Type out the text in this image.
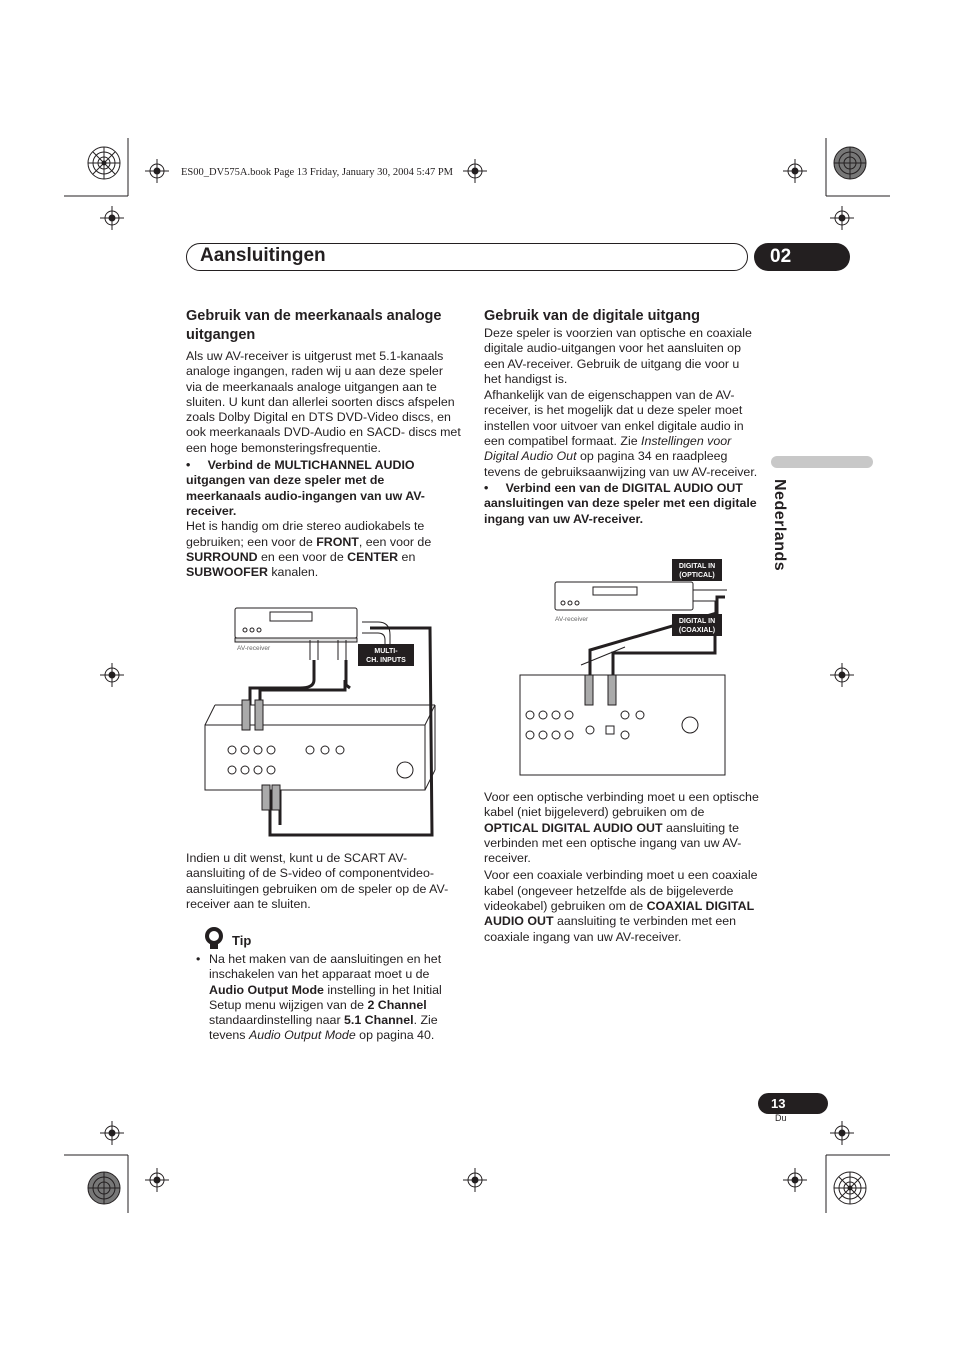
ES00_DV575A.book Page 13 Friday, January 30, 2004 5:47 PM
Aansluitingen	02
Nederlands
Gebruik van de meerkanaals analoge uitgangen

Als uw AV-receiver is uitgerust met 5.1-kanaals analoge ingangen, raden wij u aan deze speler via de meerkanaals analoge uitgangen aan te sluiten. U kunt dan allerlei soorten discs afspelen zoals Dolby Digital en DTS DVD-Video discs, en ook meerkanaals DVD-Audio en SACD- discs met een hoge bemonsteringsfrequentie.

• Verbind de MULTICHANNEL AUDIO uitgangen van deze speler met de meerkanaals audio-ingangen van uw AV-receiver.

Het is handig om drie stereo audiokabels te gebruiken; een voor de FRONT, een voor de SURROUND en een voor de CENTER en SUBWOOFER kanalen.

AV-receiver	MULTI-
CH. INPUTS

Indien u dit wenst, kunt u de SCART AV-aansluiting of de S-video of componentvideo-aansluitingen gebruiken om de speler op de AV-receiver aan te sluiten.

Tip

• Na het maken van de aansluitingen en het inschakelen van het apparaat moet u de Audio Output Mode instelling in het Initial Setup menu wijzigen van de 2 Channel standaardinstelling naar 5.1 Channel. Zie tevens Audio Output Mode op pagina 40.

Gebruik van de digitale uitgang

Deze speler is voorzien van optische en coaxiale digitale audio-uitgangen voor het aansluiten op een AV-receiver. Gebruik de uitgang die voor u het handigst is.

Afhankelijk van de eigenschappen van de AV-receiver, is het mogelijk dat u deze speler moet instellen voor uitvoer van enkel digitale audio in een compatibel formaat. Zie Instellingen voor Digital Audio Out op pagina 34 en raadpleeg tevens de gebruiksaanwijzing van uw AV-receiver.

• Verbind een van de DIGITAL AUDIO OUT aansluitingen van deze speler met een digitale ingang van uw AV-receiver.

AV-receiver
DIGITAL IN
(OPTICAL)
DIGITAL IN
(COAXIAL)

Voor een optische verbinding moet u een optische kabel (niet bijgeleverd) gebruiken om de OPTICAL DIGITAL AUDIO OUT aansluiting te verbinden met een optische ingang van uw AV-receiver.

Voor een coaxiale verbinding moet u een coaxiale kabel (ongeveer hetzelfde als de bijgeleverde videokabel) gebruiken om de COAXIAL DIGITAL AUDIO OUT aansluiting te verbinden met een coaxiale ingang van uw AV-receiver.

13
Du
